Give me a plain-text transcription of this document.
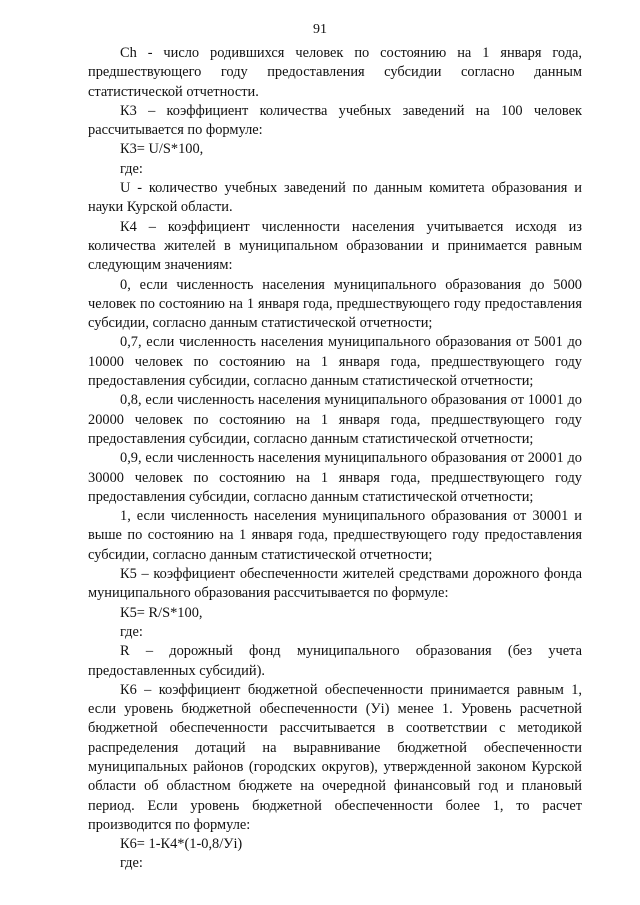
91

Ch - число родившихся человек по состоянию на 1 января года, предшествующего году предоставления субсидии согласно данным статистической отчетности.

К3 – коэффициент количества учебных заведений на 100 человек рассчитывается по формуле:

К3= U/S*100,

где:

U - количество учебных заведений по данным комитета образования и науки Курской области.

К4 – коэффициент численности населения учитывается исходя из количества жителей в муниципальном образовании и принимается равным следующим значениям:

0, если численность населения муниципального образования до 5000 человек по состоянию на 1 января года, предшествующего году предоставления субсидии, согласно данным статистической отчетности;

0,7, если численность населения муниципального образования от 5001 до 10000 человек по состоянию на 1 января года, предшествующего году предоставления субсидии, согласно данным статистической отчетности;

0,8, если численность населения муниципального образования от 10001 до 20000 человек по состоянию на 1 января года, предшествующего году предоставления субсидии, согласно данным статистической отчетности;

0,9, если численность населения муниципального образования от 20001 до 30000 человек по состоянию на 1 января года, предшествующего году предоставления субсидии, согласно данным статистической отчетности;

1, если численность населения муниципального образования от 30001 и выше по состоянию на 1 января года, предшествующего году предоставления субсидии, согласно данным статистической отчетности;

К5 – коэффициент обеспеченности жителей средствами дорожного фонда муниципального образования рассчитывается по формуле:

К5= R/S*100,

где:

R – дорожный фонд муниципального образования (без учета предоставленных субсидий).

К6 – коэффициент бюджетной обеспеченности принимается равным 1, если уровень бюджетной обеспеченности (Уi) менее 1. Уровень расчетной бюджетной обеспеченности рассчитывается в соответствии с методикой распределения дотаций на выравнивание бюджетной обеспеченности муниципальных районов (городских округов), утвержденной законом Курской области об областном бюджете на очередной финансовый год и плановый период. Если уровень бюджетной обеспеченности более 1, то расчет производится по формуле:

К6= 1-К4*(1-0,8/Уi)

где:
